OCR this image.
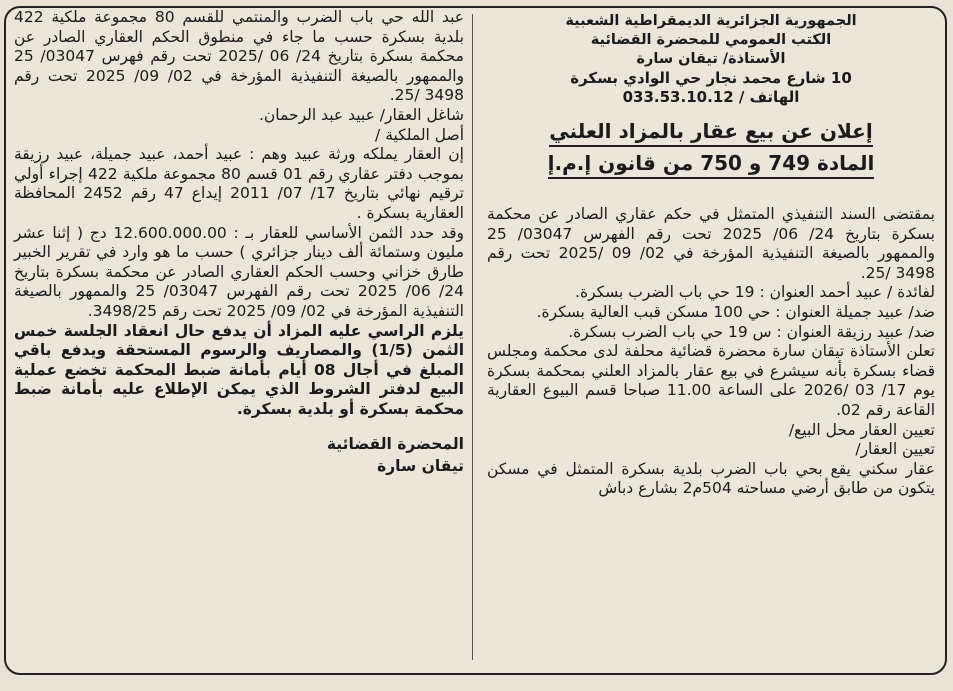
الجمهورية الجزائرية الديمقراطية الشعبية
الكتب العمومي للمحضرة القضائية
الأستاذة/ تيقان سارة
10 شارع محمد نجار حي الوادي بسكرة
الهاتف / 033.53.10.12
إعلان عن بيع عقار بالمزاد العلني
المادة 749 و 750 من قانون إ.م.إ

بمقتضى السند التنفيذي المتمثل في حكم عقاري الصادر عن محكمة بسكرة بتاريخ 24/ 06/ 2025 تحت رقم الفهرس 03047/ 25 والممهور بالصيغة التنفيذية المؤرخة في 02/ 09 /2025 تحت رقم 3498 /25.

لفائدة / عبيد أحمد العنوان : 19 حي باب الضرب بسكرة.

ضد/ عبيد جميلة العنوان : حي 100 مسكن قبب العالية بسكرة.

ضد/ عبيد رزيقة العنوان : س 19 حي باب الضرب بسكرة.

تعلن الأستاذة تيقان سارة محضرة قضائية محلفة لدى محكمة ومجلس قضاء بسكرة بأنه سيشرع في بيع عقار بالمزاد العلني بمحكمة بسكرة يوم 17/ 03 /2026 على الساعة 11.00 صباحا قسم البيوع العقارية القاعة رقم 02.

تعيين العقار محل البيع/

تعيين العقار/

عقار سكني يقع بحي باب الضرب بلدية بسكرة المتمثل في مسكن يتكون من طابق أرضي مساحته 504م2 بشارع دباش

عبد الله حي باب الضرب والمنتمي للقسم 80 مجموعة ملكية 422 بلدية بسكرة حسب ما جاء في منطوق الحكم العقاري الصادر عن محكمة بسكرة بتاريخ 24/ 06 /2025 تحت رقم فهرس 03047/ 25 والممهور بالصيغة التنفيذية المؤرخة في 02/ 09/ 2025 تحت رقم 3498 /25.

شاغل العقار/ عبيد عبد الرحمان.

أصل الملكية /

إن العقار يملكه ورثة عبيد وهم : عبيد أحمد، عبيد جميلة، عبيد رزيقة بموجب دفتر عقاري رقم 01 قسم 80 مجموعة ملكية 422 إجراء أولي ترقيم نهائي بتاريخ 17/ 07/ 2011 إيداع 47 رقم 2452 المحافظة العقارية بسكرة .

وقد حدد الثمن الأساسي للعقار بـ : 12.600.000.00 دج ( إثنا عشر مليون وستمائة ألف دينار جزائري ) حسب ما هو وارد في تقرير الخبير طارق خزاني وحسب الحكم العقاري الصادر عن محكمة بسكرة بتاريخ 24/ 06/ 2025 تحت رقم الفهرس 03047/ 25 والممهور بالصيغة التنفيذية المؤرخة في 02/ 09/ 2025 تحت رقم 3498/25.

يلزم الراسي عليه المزاد أن يدفع حال انعقاد الجلسة خمس الثمن (1/5) والمصاريف والرسوم المستحقة ويدفع باقي المبلغ في أجال 08 أيام بأمانة ضبط المحكمة تخضع عملية البيع لدفتر الشروط الذي يمكن الإطلاع عليه بأمانة ضبط محكمة بسكرة أو بلدية بسكرة.

المحضرة القضائية
تيقان سارة
